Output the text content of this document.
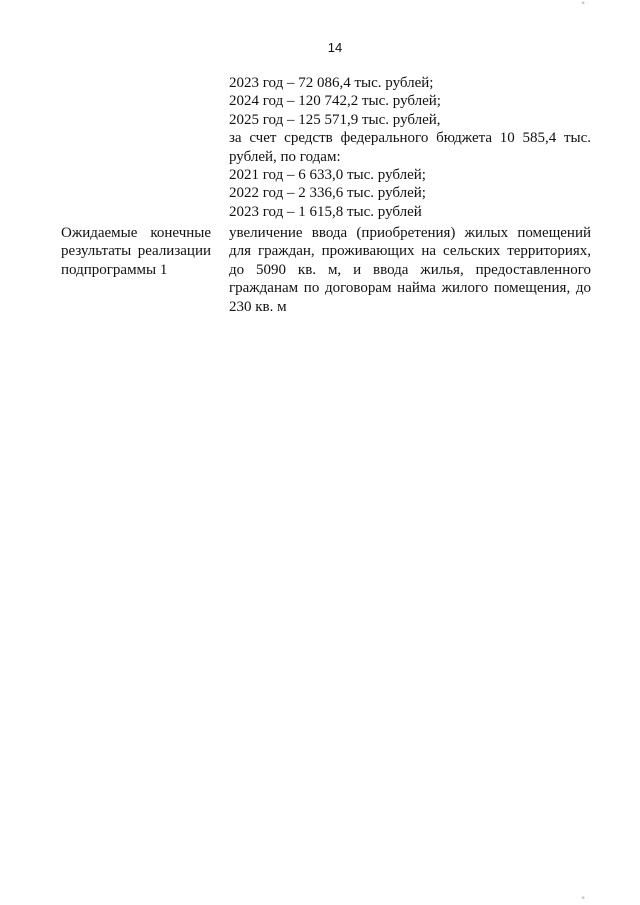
▪ ·
14
2023 год – 72 086,4 тыс. рублей;
2024 год – 120 742,2 тыс. рублей;
2025 год – 125 571,9 тыс. рублей,
за счет средств федерального бюджета 10 585,4 тыс. рублей, по годам:
2021 год – 6 633,0 тыс. рублей;
2022 год – 2 336,6 тыс. рублей;
2023 год – 1 615,8 тыс. рублей
Ожидаемые конечные
результаты реализации
подпрограммы 1
увеличение ввода (приобретения) жилых помещений для граждан, проживающих на сельских территориях, до 5090 кв. м, и ввода жилья, предоставленного гражданам по договорам найма жилого помещения, до 230 кв. м
▪ ·
